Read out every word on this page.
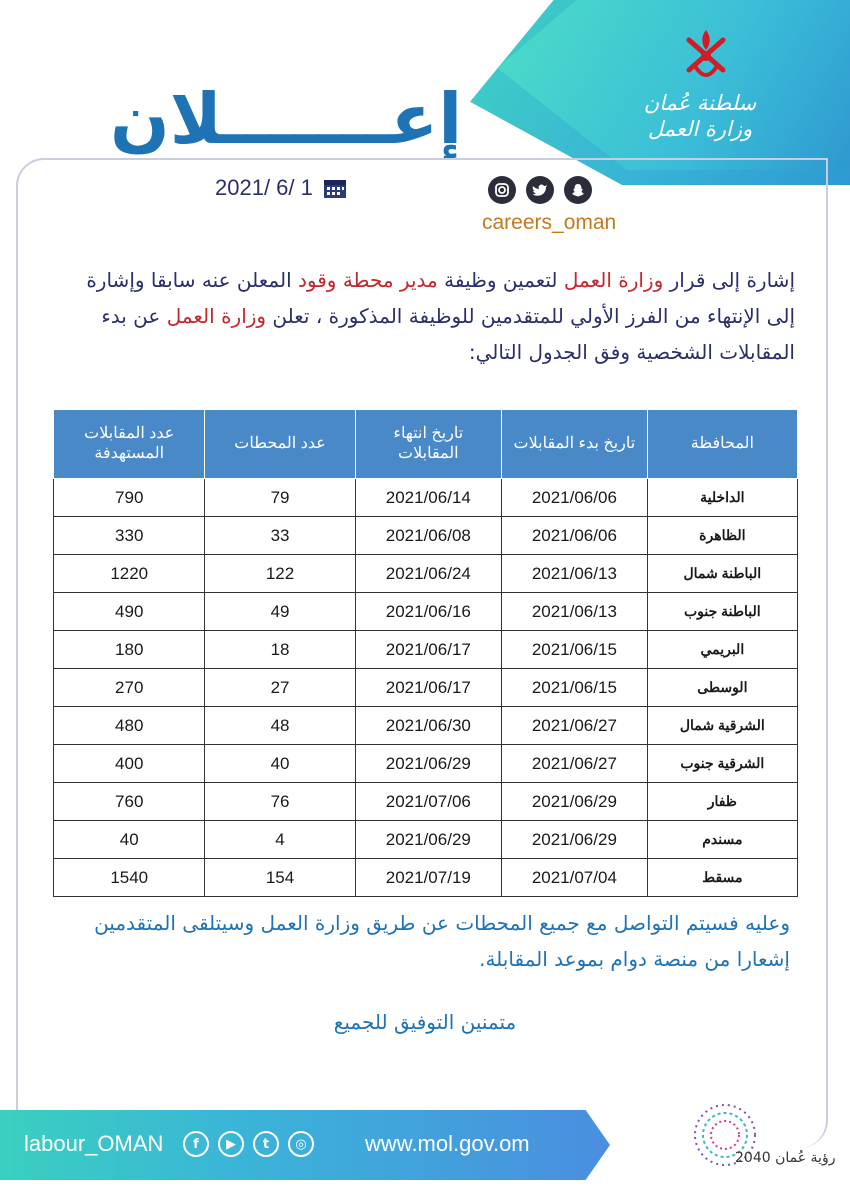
سلطنة عُمان
وزارة العمل
إعـــــــلان
2021/ 6/ 1
careers_oman
إشارة إلى قرار وزارة العمل لتعمين وظيفة مدير محطة وقود المعلن عنه سابقا وإشارة إلى الإنتهاء من الفرز الأولي للمتقدمين للوظيفة المذكورة ، تعلن وزارة العمل عن بدء المقابلات الشخصية وفق الجدول التالي:
المحافظة	تاريخ بدء المقابلات	تاريخ انتهاء المقابلات	عدد المحطات	عدد المقابلات المستهدفة
الداخلية	2021/06/06	2021/06/14	79	790
الظاهرة	2021/06/06	2021/06/08	33	330
الباطنة شمال	2021/06/13	2021/06/24	122	1220
الباطنة جنوب	2021/06/13	2021/06/16	49	490
البريمي	2021/06/15	2021/06/17	18	180
الوسطى	2021/06/15	2021/06/17	27	270
الشرقية شمال	2021/06/27	2021/06/30	48	480
الشرقية جنوب	2021/06/27	2021/06/29	40	400
ظفار	2021/06/29	2021/07/06	76	760
مسندم	2021/06/29	2021/06/29	4	40
مسقط	2021/07/04	2021/07/19	154	1540
وعليه فسيتم التواصل مع جميع المحطات عن طريق وزارة العمل وسيتلقى المتقدمين إشعارا من منصة دوام بموعد المقابلة.
متمنين التوفيق للجميع
labour_OMAN	f	▶	t	◎	www.mol.gov.om
رؤية عُمان 2040
